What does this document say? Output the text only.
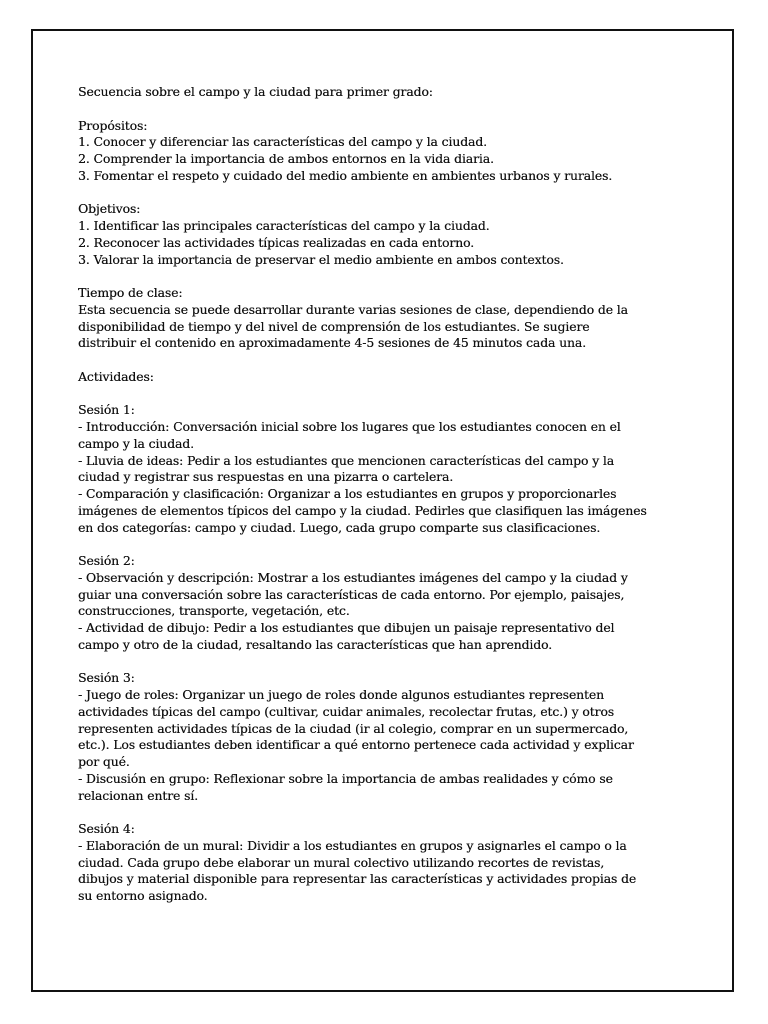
Secuencia sobre el campo y la ciudad para primer grado:
Propósitos:
1. Conocer y diferenciar las características del campo y la ciudad.
2. Comprender la importancia de ambos entornos en la vida diaria.
3. Fomentar el respeto y cuidado del medio ambiente en ambientes urbanos y rurales.
Objetivos:
1. Identificar las principales características del campo y la ciudad.
2. Reconocer las actividades típicas realizadas en cada entorno.
3. Valorar la importancia de preservar el medio ambiente en ambos contextos.
Tiempo de clase:
Esta secuencia se puede desarrollar durante varias sesiones de clase, dependiendo de la
disponibilidad de tiempo y del nivel de comprensión de los estudiantes. Se sugiere
distribuir el contenido en aproximadamente 4-5 sesiones de 45 minutos cada una.
Actividades:
Sesión 1:
- Introducción: Conversación inicial sobre los lugares que los estudiantes conocen en el
campo y la ciudad.
- Lluvia de ideas: Pedir a los estudiantes que mencionen características del campo y la
ciudad y registrar sus respuestas en una pizarra o cartelera.
- Comparación y clasificación: Organizar a los estudiantes en grupos y proporcionarles
imágenes de elementos típicos del campo y la ciudad. Pedirles que clasifiquen las imágenes
en dos categorías: campo y ciudad. Luego, cada grupo comparte sus clasificaciones.
Sesión 2:
- Observación y descripción: Mostrar a los estudiantes imágenes del campo y la ciudad y
guiar una conversación sobre las características de cada entorno. Por ejemplo, paisajes,
construcciones, transporte, vegetación, etc.
- Actividad de dibujo: Pedir a los estudiantes que dibujen un paisaje representativo del
campo y otro de la ciudad, resaltando las características que han aprendido.
Sesión 3:
- Juego de roles: Organizar un juego de roles donde algunos estudiantes representen
actividades típicas del campo (cultivar, cuidar animales, recolectar frutas, etc.) y otros
representen actividades típicas de la ciudad (ir al colegio, comprar en un supermercado,
etc.). Los estudiantes deben identificar a qué entorno pertenece cada actividad y explicar
por qué.
- Discusión en grupo: Reflexionar sobre la importancia de ambas realidades y cómo se
relacionan entre sí.
Sesión 4:
- Elaboración de un mural: Dividir a los estudiantes en grupos y asignarles el campo o la
ciudad. Cada grupo debe elaborar un mural colectivo utilizando recortes de revistas,
dibujos y material disponible para representar las características y actividades propias de
su entorno asignado.
